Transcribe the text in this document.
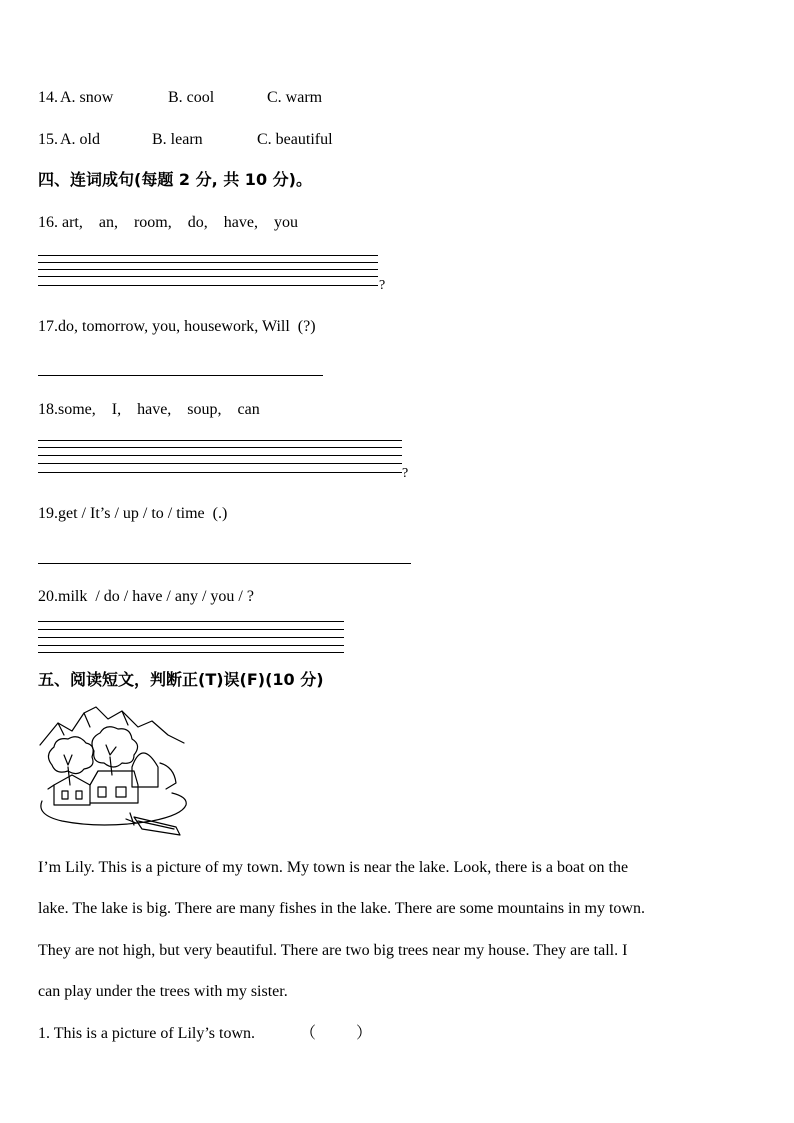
14. A. snow	B. cool	C. warm
15. A. old	B. learn	C. beautiful
四、连词成句(每题 2 分, 共 10 分)。
16. art,    an,    room,    do,    have,    you
?
17.do, tomorrow, you, housework, Will  (?)
18.some,    I,    have,    soup,    can
?
19.get / It’s / up / to / time  (.)
20.milk  / do / have / any / you / ?
五、阅读短文，判断正(T)误(F)(10 分)
I’m Lily. This is a picture of my town. My town is near the lake. Look, there is a boat on the
lake. The lake is big. There are many fishes in the lake. There are some mountains in my town.
They are not high, but very beautiful. There are two big trees near my house. They are tall. I
can play under the trees with my sister.
1. This is a picture of Lily’s town.	（          ）
